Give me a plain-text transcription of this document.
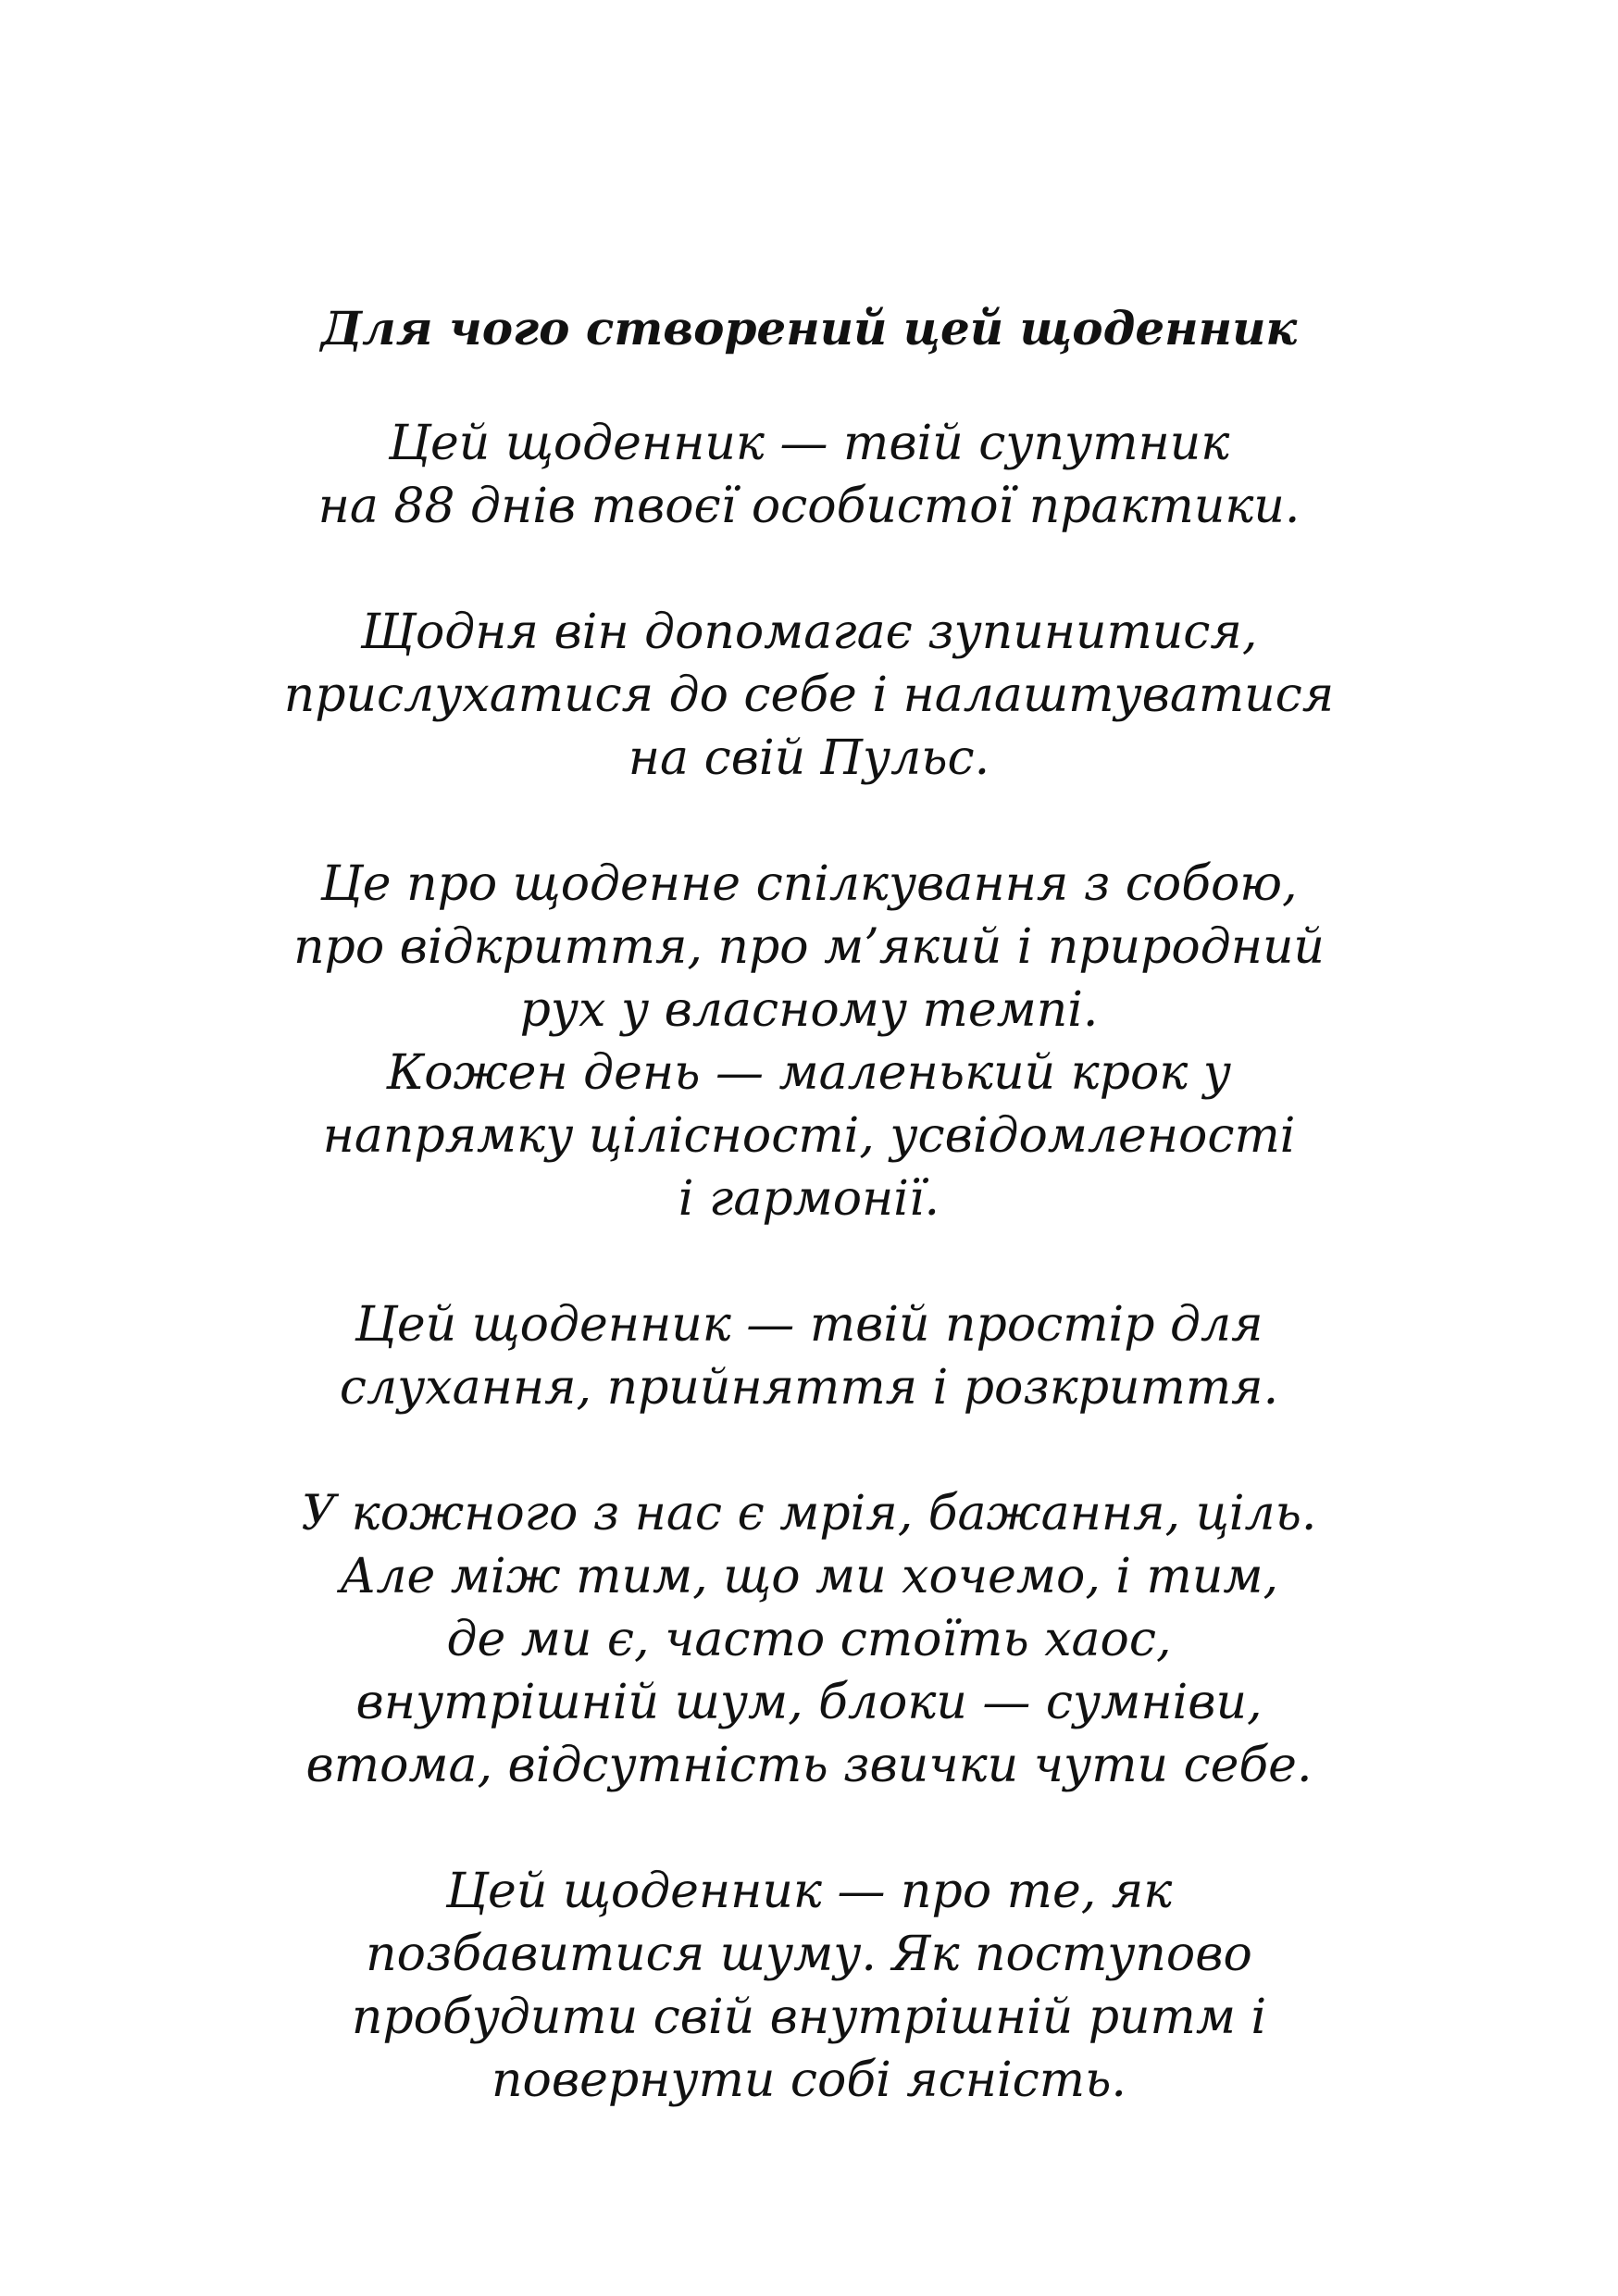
Для чого створений цей щоденник

Цей щоденник — твій супутник
на 88 днів твоєї особистої практики.

Щодня він допомагає зупинитися,
прислухатися до себе і налаштуватися
на свій Пульс.

Це про щоденне спілкування з собою,
про відкриття, про м’який і природний
рух у власному темпі.
Кожен день — маленький крок у
напрямку цілісності, усвідомленості
і гармонії.

Цей щоденник — твій простір для
слухання, прийняття і розкриття.

У кожного з нас є мрія, бажання, ціль.
Але між тим, що ми хочемо, і тим,
де ми є, часто стоїть хаос,
внутрішній шум, блоки — сумніви,
втома, відсутність звички чути себе.

Цей щоденник — про те, як
позбавитися шуму. Як поступово
пробудити свій внутрішній ритм і
повернути собі ясність.
